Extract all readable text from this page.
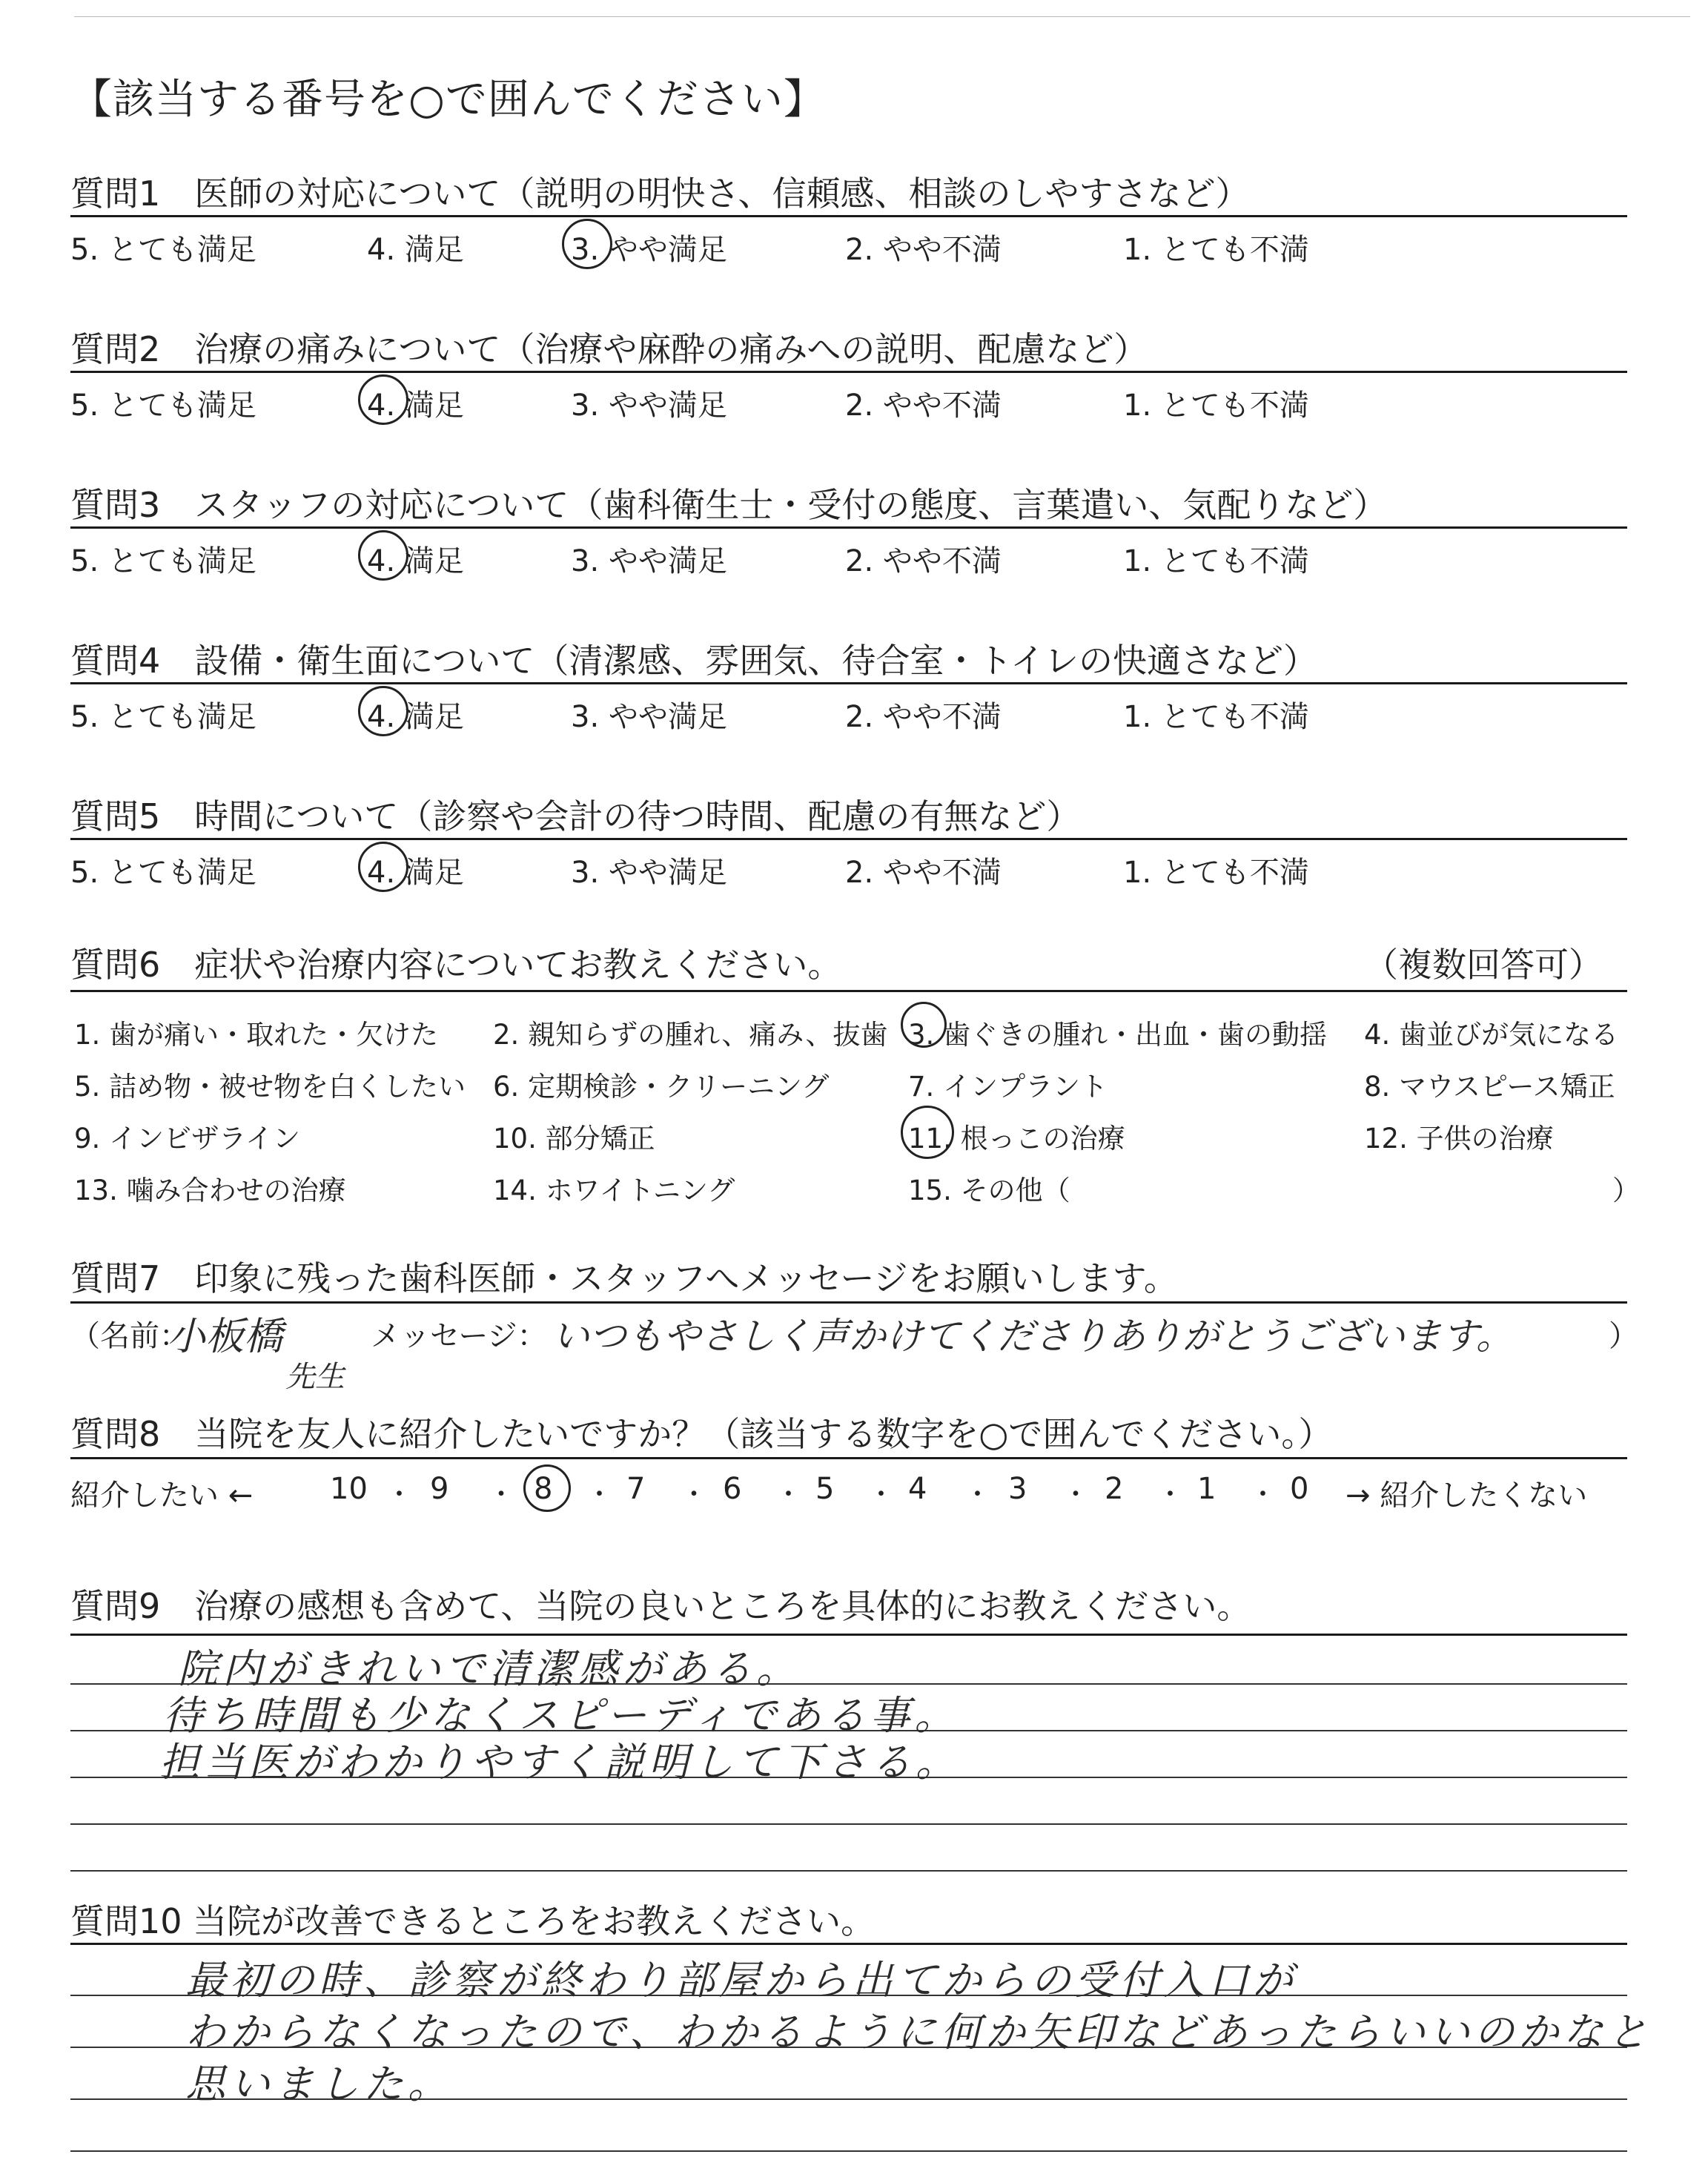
【該当する番号を○で囲んでください】
質問1　医師の対応について（説明の明快さ、信頼感、相談のしやすさなど）
5. とても満足	4. 満足	3. やや満足	2. やや不満	1. とても不満
質問2　治療の痛みについて（治療や麻酔の痛みへの説明、配慮など）
5. とても満足	4. 満足	3. やや満足	2. やや不満	1. とても不満
質問3　スタッフの対応について（歯科衛生士・受付の態度、言葉遣い、気配りなど）
5. とても満足	4. 満足	3. やや満足	2. やや不満	1. とても不満
質問4　設備・衛生面について（清潔感、雰囲気、待合室・トイレの快適さなど）
5. とても満足	4. 満足	3. やや満足	2. やや不満	1. とても不満
質問5　時間について（診察や会計の待つ時間、配慮の有無など）
5. とても満足	4. 満足	3. やや満足	2. やや不満	1. とても不満
質問6　症状や治療内容についてお教えください。	（複数回答可）
1. 歯が痛い・取れた・欠けた 2. 親知らずの腫れ、痛み、抜歯 3. 歯ぐきの腫れ・出血・歯の動揺 4. 歯並びが気になる
5. 詰め物・被せ物を白くしたい 6. 定期検診・クリーニング	7. インプラント	8. マウスピース矯正
9. インビザライン	10. 部分矯正	11. 根っこの治療	12. 子供の治療
13. 噛み合わせの治療	14. ホワイトニング	15. その他（	）
質問7　印象に残った歯科医師・スタッフへメッセージをお願いします。
（名前：
小板橋
先生
メッセージ： いつもやさしく声かけてくださりありがとうございます。	）
質問8　当院を友人に紹介したいですか？（該当する数字を○で囲んでください。）
紹介したい ←	→ 紹介したくない
10 ・ 9 ・ 8 ・ 7 ・ 6 ・ 5 ・ 4 ・ 3 ・ 2 ・ 1 ・ 0
質問9　治療の感想も含めて、当院の良いところを具体的にお教えください。
院内がきれいで清潔感がある。
待ち時間も少なくスピーディである事。
担当医がわかりやすく説明して下さる。
質問10 当院が改善できるところをお教えください。
最初の時、診察が終わり部屋から出てからの受付入口が
わからなくなったので、わかるように何か矢印などあったらいいのかなと
思いました。
